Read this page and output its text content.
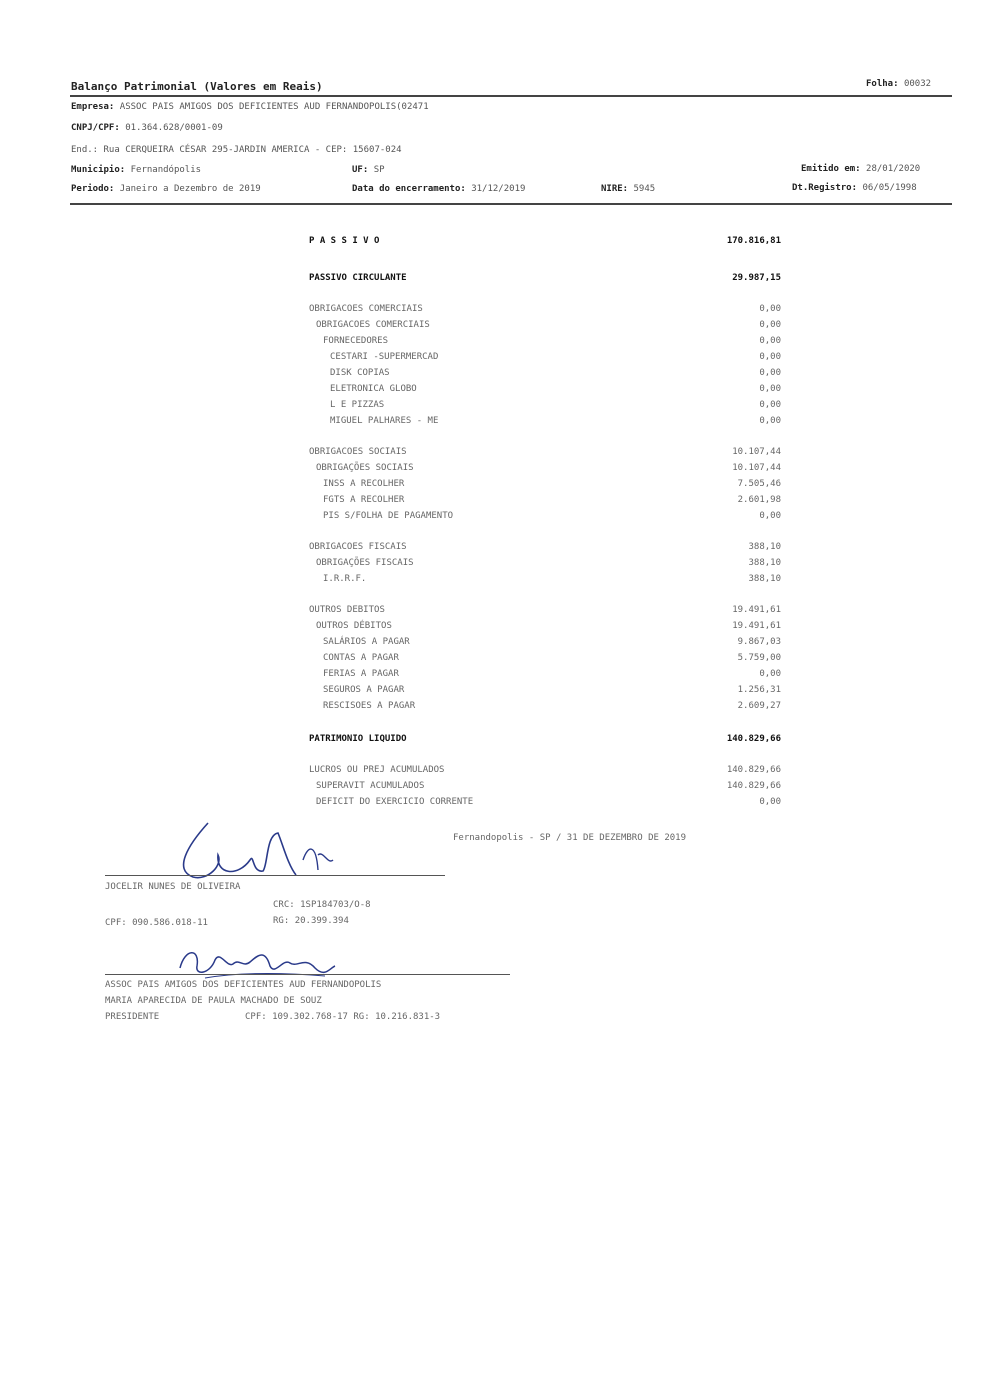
Balanço Patrimonial (Valores em Reais)	Folha: 00032
Empresa: ASSOC PAIS AMIGOS DOS DEFICIENTES AUD FERNANDOPOLIS(02471
CNPJ/CPF: 01.364.628/0001-09
End.: Rua CERQUEIRA CÉSAR 295-JARDIN AMERICA - CEP: 15607-024
Municipio: Fernandópolis	UF: SP	Emitido em: 28/01/2020
Periodo: Janeiro a Dezembro de 2019	Data do encerramento: 31/12/2019	NIRE: 5945	Dt.Registro: 06/05/1998
P A S S I V O	170.816,81
PASSIVO CIRCULANTE	29.987,15
OBRIGACOES COMERCIAIS	0,00
OBRIGACOES COMERCIAIS	0,00
FORNECEDORES	0,00
CESTARI -SUPERMERCAD	0,00
DISK COPIAS	0,00
ELETRONICA GLOBO	0,00
L E PIZZAS	0,00
MIGUEL PALHARES - ME	0,00
OBRIGACOES SOCIAIS	10.107,44
OBRIGAÇÕES SOCIAIS	10.107,44
INSS A RECOLHER	7.505,46
FGTS A RECOLHER	2.601,98
PIS S/FOLHA DE PAGAMENTO	0,00
OBRIGACOES FISCAIS	388,10
OBRIGAÇÕES FISCAIS	388,10
I.R.R.F.	388,10
OUTROS DEBITOS	19.491,61
OUTROS DÉBITOS	19.491,61
SALÁRIOS A PAGAR	9.867,03
CONTAS A PAGAR	5.759,00
FERIAS A PAGAR	0,00
SEGUROS A PAGAR	1.256,31
RESCISOES A PAGAR	2.609,27
PATRIMONIO LIQUIDO	140.829,66
LUCROS OU PREJ ACUMULADOS	140.829,66
SUPERAVIT ACUMULADOS	140.829,66
DEFICIT DO EXERCICIO CORRENTE	0,00
Fernandopolis - SP / 31 DE DEZEMBRO DE 2019
JOCELIR NUNES DE OLIVEIRA
CRC: 1SP184703/O-8
CPF: 090.586.018-11	RG: 20.399.394
ASSOC PAIS AMIGOS DOS DEFICIENTES AUD FERNANDOPOLIS
MARIA APARECIDA DE PAULA MACHADO DE SOUZ
PRESIDENTE	CPF: 109.302.768-17 RG: 10.216.831-3
